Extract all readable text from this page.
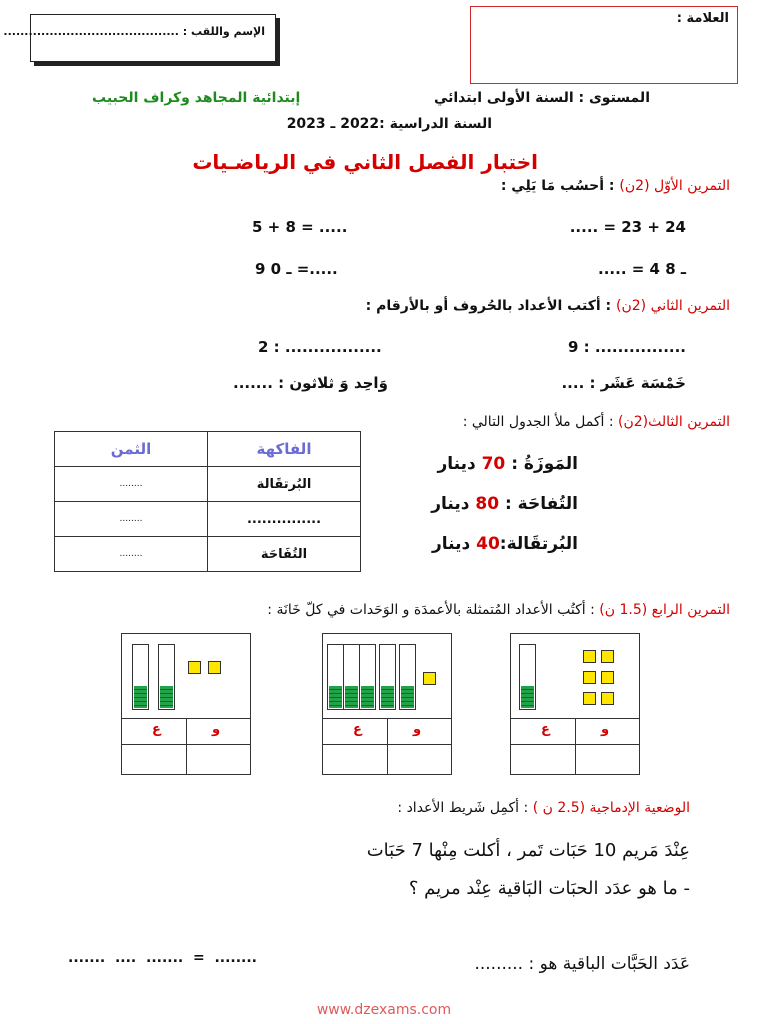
العلامة :
الإسم واللقب : ..........................................
المستوى : السنة الأولى ابتدائي
إبتدائية المجاهد وكراف الحبيب
السنة الدراسية :2022 ـ 2023
اختبار الفصل الثاني في الرياضـيات
التمرين الأوّل (2ن) : أحسُب مَا يَلِي :
..... = 23 + 24
5 + 8 = .....
..... = 4 ـ 8
9 ـ 0 =.....
التمرين الثاني (2ن) : أكتب الأعداد بالحُروف أو بالأرقام :
9 : ................
2 : .................
خَمْسَة عَشَر : ....
وَاحِد وَ ثلاثون : .......
التمرين الثالث(2ن) : أكمل ملأ الجدول التالي :
المَوزَةُ : 70 دينار
التُفاحَة : 80 دينار
البُرتقَالة:40 دينار
الثمن	الفاكهة
........	البُرتقَالة
........	...............
........	التُفَاحَة
التمرين الرابع (1.5 ن) : أكتُب الأعداد المُتمثلة بالأعمدَة و الوَحَدات في كلّ خَانَة :
ع	و
ع	و
ع	و
الوضعية الإدماجية (2.5 ن ) : أكمِل شَريط الأعداد :
عِنْدَ مَريم 10 حَبَات تَمر ، أكلت مِنْها 7 حَبَات
- ما هو عدَد الحبَات البَاقية عِنْد مريم ؟
عَدَد الحَبَّات الباقية هو : .........
........  =  .......  ....  .......
www.dzexams.com
